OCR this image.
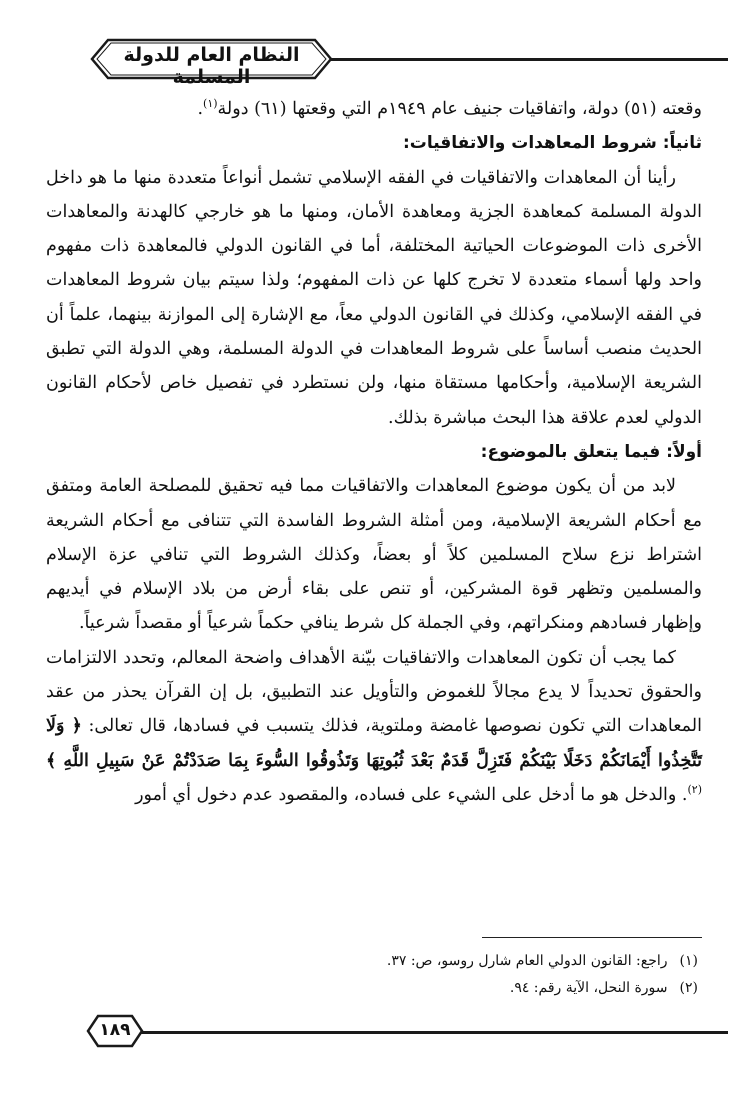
النظام العام للدولة المسلمة

وقعته (٥١) دولة، واتفاقيات جنيف عام ١٩٤٩م التي وقعتها (٦١) دولة$^{(١)}$.

ثانياً: شروط المعاهدات والاتفاقيات:

رأينا أن المعاهدات والاتفاقيات في الفقه الإسلامي تشمل أنواعاً متعددة منها ما هو داخل الدولة المسلمة كمعاهدة الجزية ومعاهدة الأمان، ومنها ما هو خارجي كالهدنة والمعاهدات الأخرى ذات الموضوعات الحياتية المختلفة، أما في القانون الدولي فالمعاهدة ذات مفهوم واحد ولها أسماء متعددة لا تخرج كلها عن ذات المفهوم؛ ولذا سيتم بيان شروط المعاهدات في الفقه الإسلامي، وكذلك في القانون الدولي معاً، مع الإشارة إلى الموازنة بينهما، علماً أن الحديث منصب أساساً على شروط المعاهدات في الدولة المسلمة، وهي الدولة التي تطبق الشريعة الإسلامية، وأحكامها مستقاة منها، ولن نستطرد في تفصيل خاص لأحكام القانون الدولي لعدم علاقة هذا البحث مباشرة بذلك.

أولاً: فيما يتعلق بالموضوع:

لابد من أن يكون موضوع المعاهدات والاتفاقيات مما فيه تحقيق للمصلحة العامة ومتفق مع أحكام الشريعة الإسلامية، ومن أمثلة الشروط الفاسدة التي تتنافى مع أحكام الشريعة اشتراط نزع سلاح المسلمين كلاً أو بعضاً، وكذلك الشروط التي تنافي عزة الإسلام والمسلمين وتظهر قوة المشركين، أو تنص على بقاء أرض من بلاد الإسلام في أيديهم وإظهار فسادهم ومنكراتهم، وفي الجملة كل شرط ينافي حكماً شرعياً أو مقصداً شرعياً.

كما يجب أن تكون المعاهدات والاتفاقيات بيّنة الأهداف واضحة المعالم، وتحدد الالتزامات والحقوق تحديداً لا يدع مجالاً للغموض والتأويل عند التطبيق، بل إن القرآن يحذر من عقد المعاهدات التي تكون نصوصها غامضة وملتوية، فذلك يتسبب في فسادها، قال تعالى: ﴿ وَلَا تَتَّخِذُوا أَيْمَانَكُمْ دَخَلًا بَيْنَكُمْ فَتَزِلَّ قَدَمٌ بَعْدَ ثُبُوتِهَا وَتَذُوقُوا السُّوءَ بِمَا صَدَدْتُمْ عَنْ سَبِيلِ اللَّهِ ﴾ $^{(٢)}$. والدخل هو ما أدخل على الشيء على فساده، والمقصود عدم دخول أي أمور

(١)راجع: القانون الدولي العام شارل روسو، ص: ٣٧.
(٢)سورة النحل، الآية رقم: ٩٤.
١٨٩
